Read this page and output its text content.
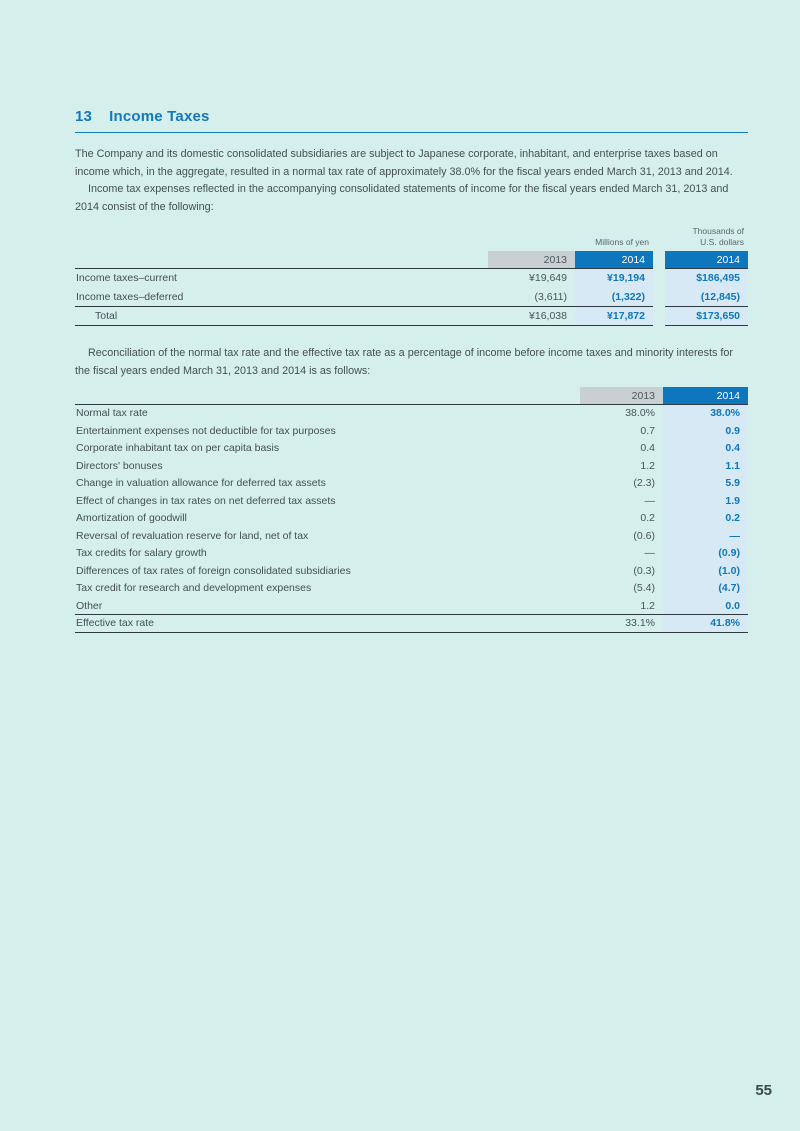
13 Income Taxes

The Company and its domestic consolidated subsidiaries are subject to Japanese corporate, inhabitant, and enterprise taxes based on income which, in the aggregate, resulted in a normal tax rate of approximately 38.0% for the fiscal years ended March 31, 2013 and 2014.

Income tax expenses reflected in the accompanying consolidated statements of income for the fiscal years ended March 31, 2013 and 2014 consist of the following:

Millions of yen
Thousands of
U.S. dollars
2013	2014	2014
Income taxes–current	¥19,649	¥19,194	$186,495
Income taxes–deferred	(3,611)	(1,322)	(12,845)
Total	¥16,038	¥17,872	$173,650

Reconciliation of the normal tax rate and the effective tax rate as a percentage of income before income taxes and minority interests for the fiscal years ended March 31, 2013 and 2014 is as follows:

2013	2014
Normal tax rate	38.0%	38.0%
Entertainment expenses not deductible for tax purposes	0.7	0.9
Corporate inhabitant tax on per capita basis	0.4	0.4
Directors' bonuses	1.2	1.1
Change in valuation allowance for deferred tax assets	(2.3)	5.9
Effect of changes in tax rates on net deferred tax assets	—	1.9
Amortization of goodwill	0.2	0.2
Reversal of revaluation reserve for land, net of tax	(0.6)	—
Tax credits for salary growth	—	(0.9)
Differences of tax rates of foreign consolidated subsidiaries	(0.3)	(1.0)
Tax credit for research and development expenses	(5.4)	(4.7)
Other	1.2	0.0
Effective tax rate	33.1%	41.8%
55
